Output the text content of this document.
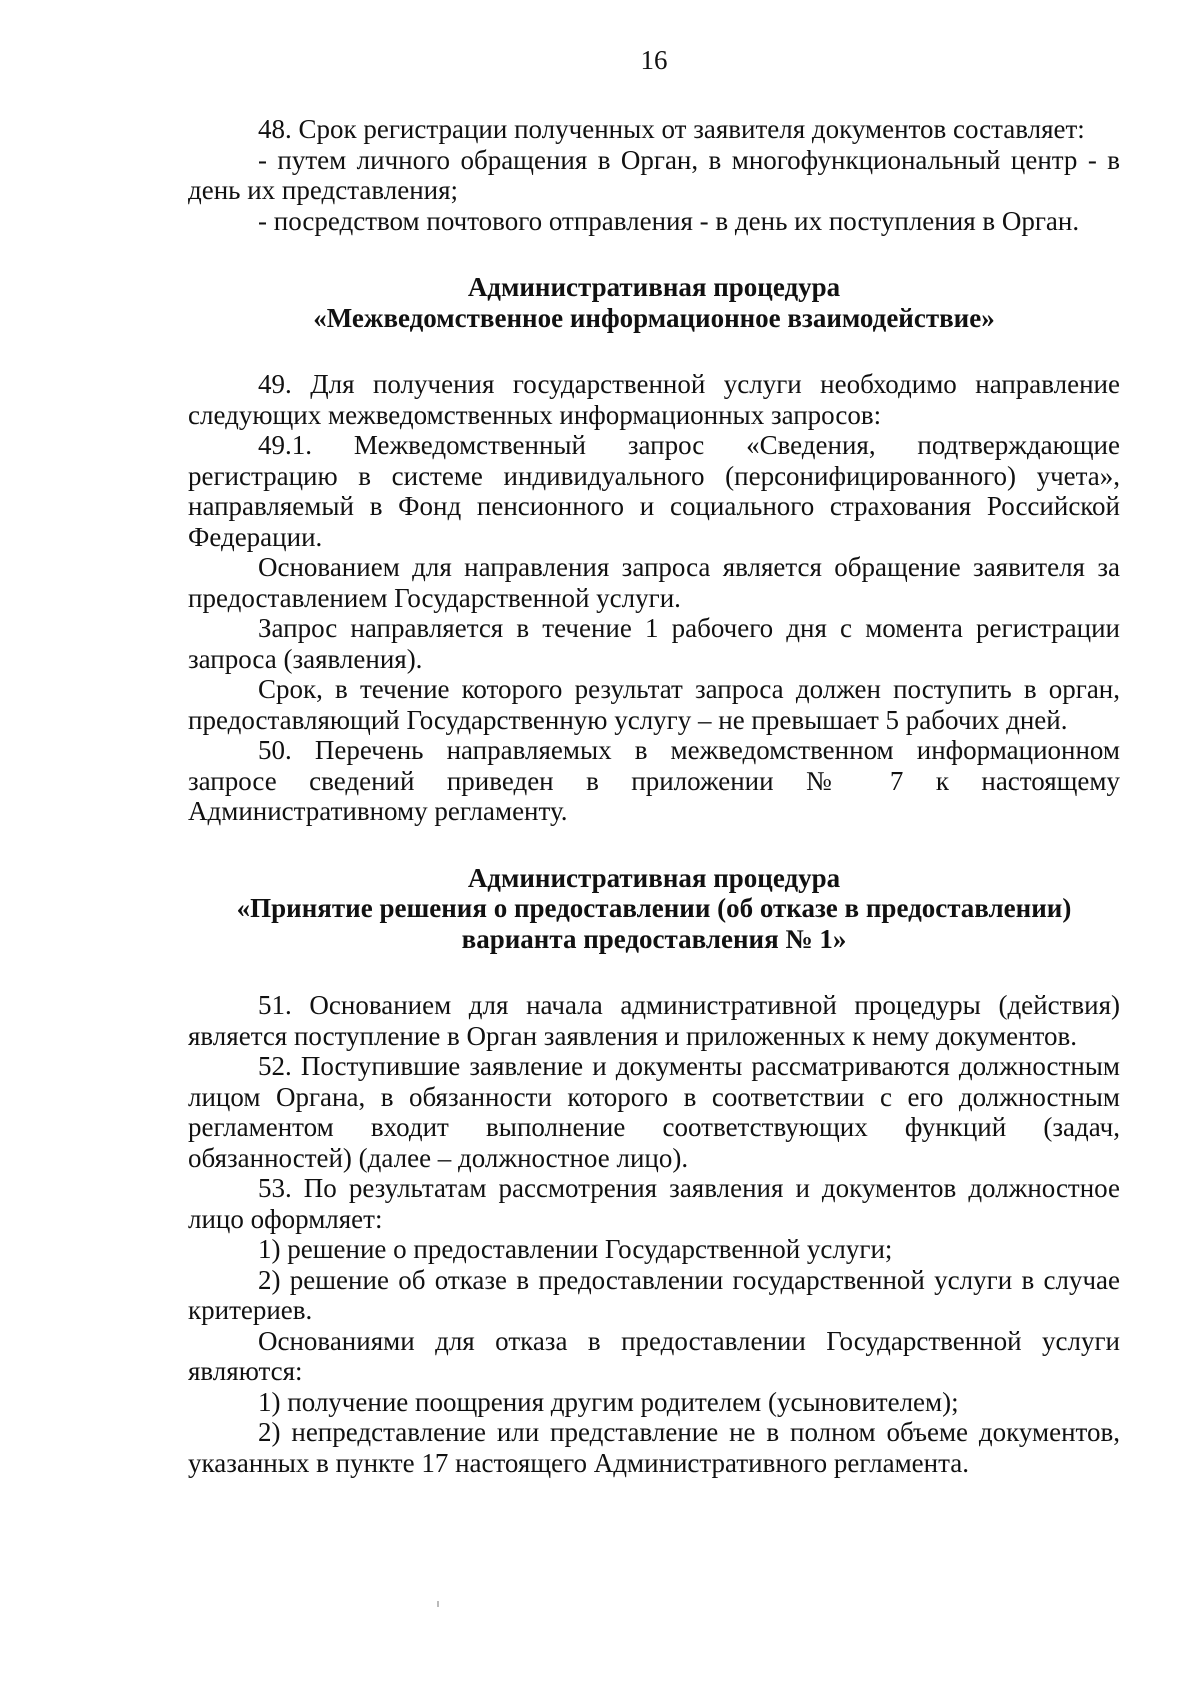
16

48. Срок регистрации полученных от заявителя документов составляет:

- путем личного обращения в Орган, в многофункциональный центр - в день их представления;

- посредством почтового отправления - в день их поступления в Орган.

Административная процедура

«Межведомственное информационное взаимодействие»

49. Для получения государственной услуги необходимо направление следующих межведомственных информационных запросов:

49.1. Межведомственный запрос «Сведения, подтверждающие регистрацию в системе индивидуального (персонифицированного) учета», направляемый в Фонд пенсионного и социального страхования Российской Федерации.

Основанием для направления запроса является обращение заявителя за предоставлением Государственной услуги.

Запрос направляется в течение 1 рабочего дня с момента регистрации запроса (заявления).

Срок, в течение которого результат запроса должен поступить в орган, предоставляющий Государственную услугу – не превышает 5 рабочих дней.

50. Перечень направляемых в межведомственном информационном запросе сведений приведен в приложении № 7 к настоящему Административному регламенту.

Административная процедура

«Принятие решения о предоставлении (об отказе в предоставлении)

варианта предоставления № 1»

51. Основанием для начала административной процедуры (действия) является поступление в Орган заявления и приложенных к нему документов.

52. Поступившие заявление и документы рассматриваются должностным лицом Органа, в обязанности которого в соответствии с его должностным регламентом входит выполнение соответствующих функций (задач, обязанностей) (далее – должностное лицо).

53. По результатам рассмотрения заявления и документов должностное лицо оформляет:

1) решение о предоставлении Государственной услуги;

2) решение об отказе в предоставлении государственной услуги в случае критериев.

Основаниями для отказа в предоставлении Государственной услуги являются:

1) получение поощрения другим родителем (усыновителем);

2) непредставление или представление не в полном объеме документов, указанных в пункте 17 настоящего Административного регламента.
